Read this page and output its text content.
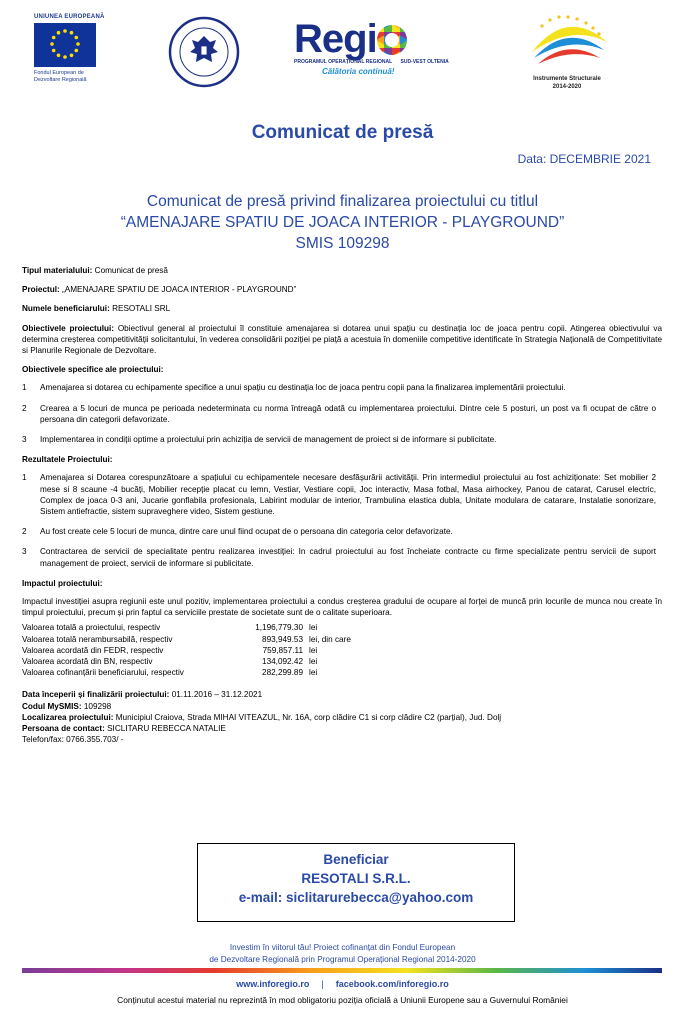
UNIUNEA EUROPEANĂ
Fondul European de
Dezvoltare Regională
Regi
PROGRAMUL OPERAȚIONAL REGIONAL SUD-VEST OLTENIA
Călătoria continuă!
Instrumente Structurale
2014-2020
Comunicat de presă
Data: DECEMBRIE 2021
Comunicat de presă privind finalizarea proiectului cu titlul
“AMENAJARE SPATIU DE JOACA INTERIOR - PLAYGROUND”
SMIS 109298

Tipul materialului: Comunicat de presă

Proiectul: „AMENAJARE SPATIU DE JOACA INTERIOR - PLAYGROUND”

Numele beneficiarului: RESOTALI SRL

Obiectivele proiectului: Obiectivul general al proiectului îl constituie amenajarea si dotarea unui spațiu cu destinația loc de joaca pentru copii. Atingerea obiectivului va determina creșterea competitivității solicitantului, în vederea consolidării poziției pe piață a acestuia în domeniile competitive identificate în Strategia Națională de Competitivitate si Planurile Regionale de Dezvoltare.

Obiectivele specifice ale proiectului:
1	Amenajarea si dotarea cu echipamente specifice a unui spațiu cu destinația loc de joaca pentru copii pana la finalizarea implementării proiectului.
2	Crearea a 5 locuri de munca pe perioada nedeterminata cu norma întreagă odată cu implementarea proiectului. Dintre cele 5 posturi, un post va fi ocupat de către o persoana din categorii defavorizate.
3	Implementarea in condiții optime a proiectului prin achiziția de servicii de management de proiect si de informare si publicitate.
Rezultatele Proiectului:
1	Amenajarea si Dotarea corespunzătoare a spațiului cu echipamentele necesare desfășurării activității. Prin intermediul proiectului au fost achiziționate: Set mobilier 2 mese si 8 scaune -4 bucăți, Mobilier recepție placat cu lemn, Vestiar, Vestiare copii, Joc interactiv, Masa fotbal, Masa airhockey, Panou de catarat, Carusel electric, Complex de joaca 0-3 ani, Jucarie gonflabila profesionala, Labirint modular de interior, Trambulina elastica dubla, Unitate modulara de catarare, Instalatie sonorizare, Sistem antiefractie, sistem supraveghere video, Sistem gestiune.
2	Au fost create cele 5 locuri de munca, dintre care unul fiind ocupat de o persoana din categoria celor defavorizate.
3	Contractarea de servicii de specialitate pentru realizarea investiției: In cadrul proiectului au fost încheiate contracte cu firme specializate pentru servicii de suport management de proiect, servicii de informare si publicitate.
Impactul proiectului:

Impactul investiției asupra regiunii este unul pozitiv, implementarea proiectului a condus creșterea gradului de ocupare al forței de muncă prin locurile de munca nou create în timpul proiectului, precum și prin faptul ca serviciile prestate de societate sunt de o calitate superioara.

Valoarea totală a proiectului, respectiv	1,196,779.30 lei
Valoarea totală nerambursabilă, respectiv	893,949.53 lei, din care
Valoarea acordată din FEDR, respectiv	759,857.11 lei
Valoarea acordată din BN, respectiv	134,092.42 lei
Valoarea cofinanțării beneficiarului, respectiv	282,299.89 lei

Data începerii și finalizării proiectului: 01.11.2016 – 31.12.2021

Codul MySMIS: 109298

Localizarea proiectului: Municipiul Craiova, Strada MIHAI VITEAZUL, Nr. 16A, corp clădire C1 si corp clădire C2 (parțial), Jud. Dolj

Persoana de contact: SICLITARU REBECCA NATALIE

Telefon/fax: 0766.355.703/ -

Beneficiar
RESOTALI S.R.L.
e-mail: siclitarurebecca@yahoo.com
Investim în viitorul tău! Proiect cofinanțat din Fondul European
de Dezvoltare Regională prin Programul Operațional Regional 2014-2020
www.inforegio.ro | facebook.com/inforegio.ro
Conținutul acestui material nu reprezintă în mod obligatoriu poziția oficială a Uniunii Europene sau a Guvernului României
